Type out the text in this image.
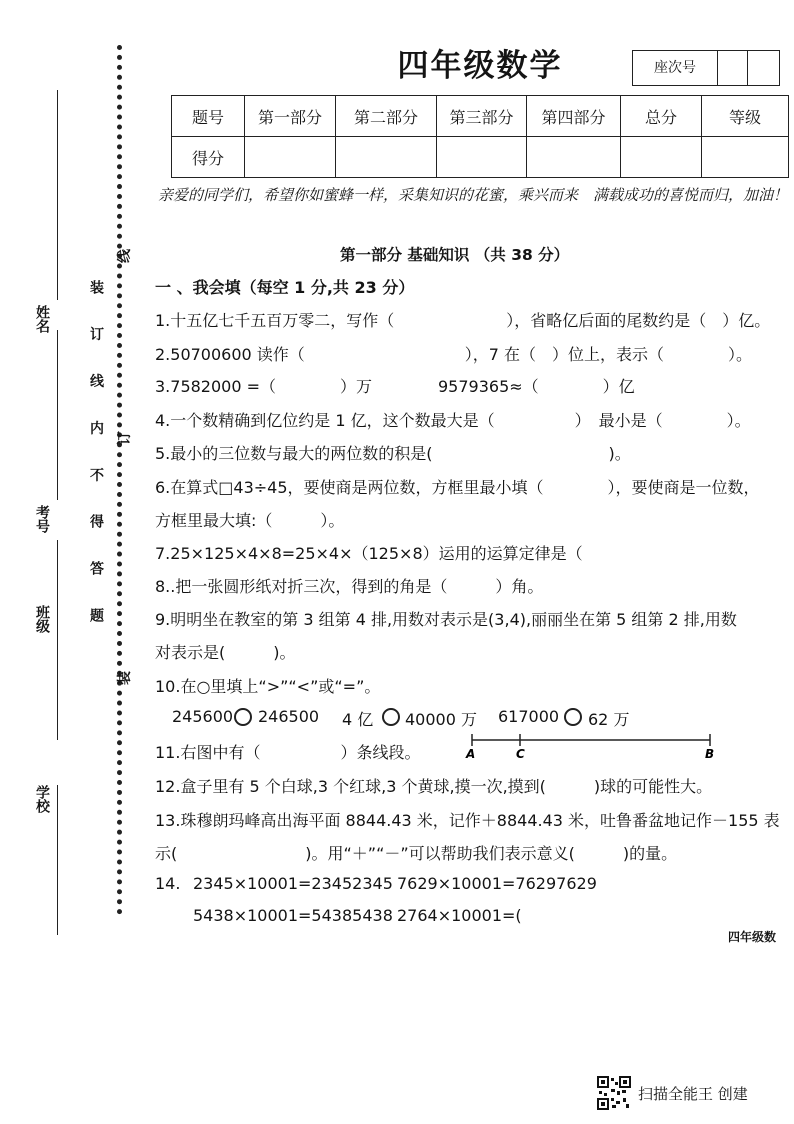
姓名
考号
班级
学校
装 订 线 内 不 得 答 题
线
订
装
四年级数学	座次号
题号	第一部分	第二部分	第三部分	第四部分	总分	等级
得分						
亲爱的同学们，希望你如蜜蜂一样，采集知识的花蜜，乘兴而来　满载成功的喜悦而归，加油！
第一部分 基础知识 （共 38 分）
一 、我会填（每空 1 分,共 23 分）
1.十五亿七千五百万零二，写作（　　　　　　　），省略亿后面的尾数约是（　）亿。
2.50700600 读作（　　　　　　　　　　），7 在（　）位上，表示（　　　　）。
3.7582000 =（　　　　）万	9579365≈（　　　　）亿
4.一个数精确到亿位约是 1 亿，这个数最大是（　　　　　）　最小是（　　　　）。
5.最小的三位数与最大的两位数的积是(　　　　　　　　　　　)。
6.在算式□43÷45，要使商是两位数，方框里最小填（　　　　），要使商是一位数，
方框里最大填:（　　　）。
7.25×125×4×8=25×4×（125×8）运用的运算定律是（
8..把一张圆形纸对折三次，得到的角是（　　　）角。
9.明明坐在教室的第 3 组第 4 排,用数对表示是(3,4),丽丽坐在第 5 组第 2 排,用数
对表示是(　　　)。
10.在○里填上“>”“<”或“=”。
245600 246500 4 亿 40000 万 617000 62 万
11.右图中有（　　　　　）条线段。	A	C	B
12.盒子里有 5 个白球,3 个红球,3 个黄球,摸一次,摸到(　　　)球的可能性大。
13.珠穆朗玛峰高出海平面 8844.43 米，记作＋8844.43 米，吐鲁番盆地记作－155 表
示(　　　　　　　　)。用“＋”“－”可以帮助我们表示意义(　　　)的量。
14. 2345×10001=23452345 7629×10001=76297629
5438×10001=54385438 2764×10001=(
四年级数
扫描全能王 创建
